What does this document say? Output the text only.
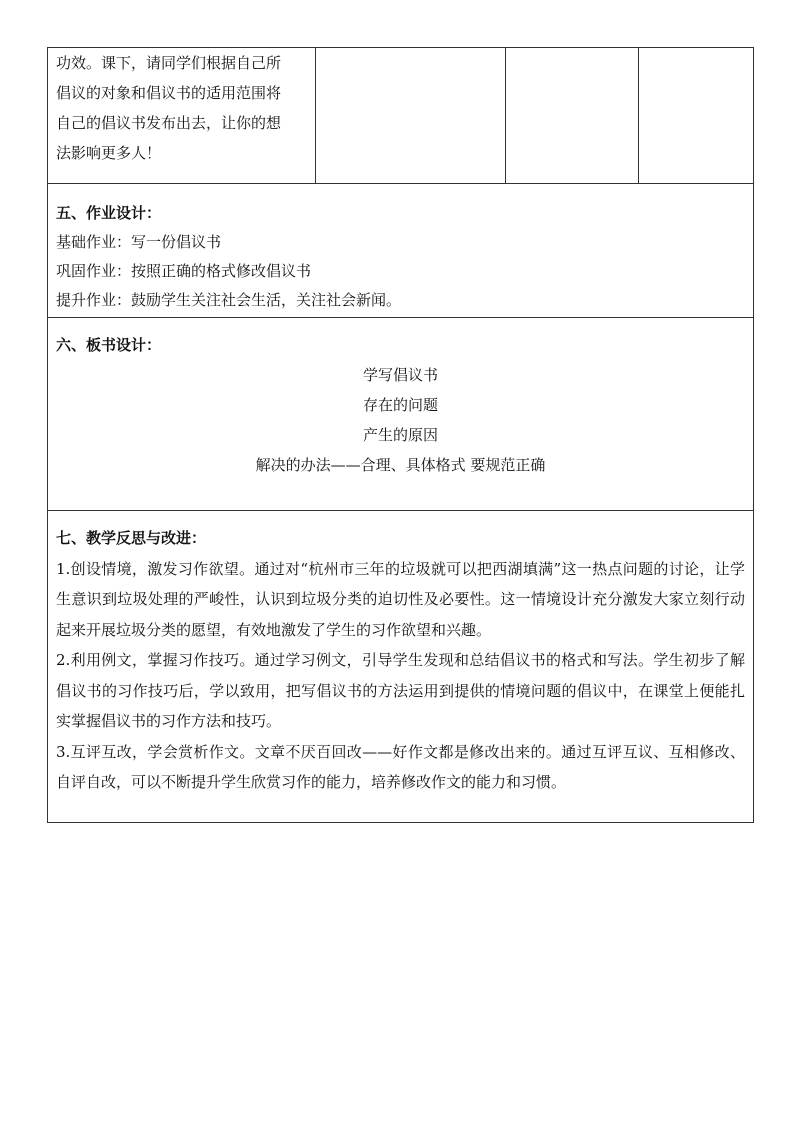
功效。课下，请同学们根据自己所

倡议的对象和倡议书的适用范围将

自己的倡议书发布出去，让你的想

法影响更多人！

五、作业设计：

基础作业：写一份倡议书

巩固作业：按照正确的格式修改倡议书

提升作业：鼓励学生关注社会生活，关注社会新闻。

六、板书设计：

学写倡议书
存在的问题
产生的原因
解决的办法——合理、具体格式 要规范正确

七、教学反思与改进：

1.创设情境，激发习作欲望。通过对“杭州市三年的垃圾就可以把西湖填满”这一热点问题的讨论，让学生意识到垃圾处理的严峻性，认识到垃圾分类的迫切性及必要性。这一情境设计充分激发大家立刻行动起来开展垃圾分类的愿望，有效地激发了学生的习作欲望和兴趣。

2.利用例文，掌握习作技巧。通过学习例文，引导学生发现和总结倡议书的格式和写法。学生初步了解倡议书的习作技巧后，学以致用，把写倡议书的方法运用到提供的情境问题的倡议中，在课堂上便能扎实掌握倡议书的习作方法和技巧。

3.互评互改，学会赏析作文。文章不厌百回改——好作文都是修改出来的。通过互评互议、互相修改、自评自改，可以不断提升学生欣赏习作的能力，培养修改作文的能力和习惯。
